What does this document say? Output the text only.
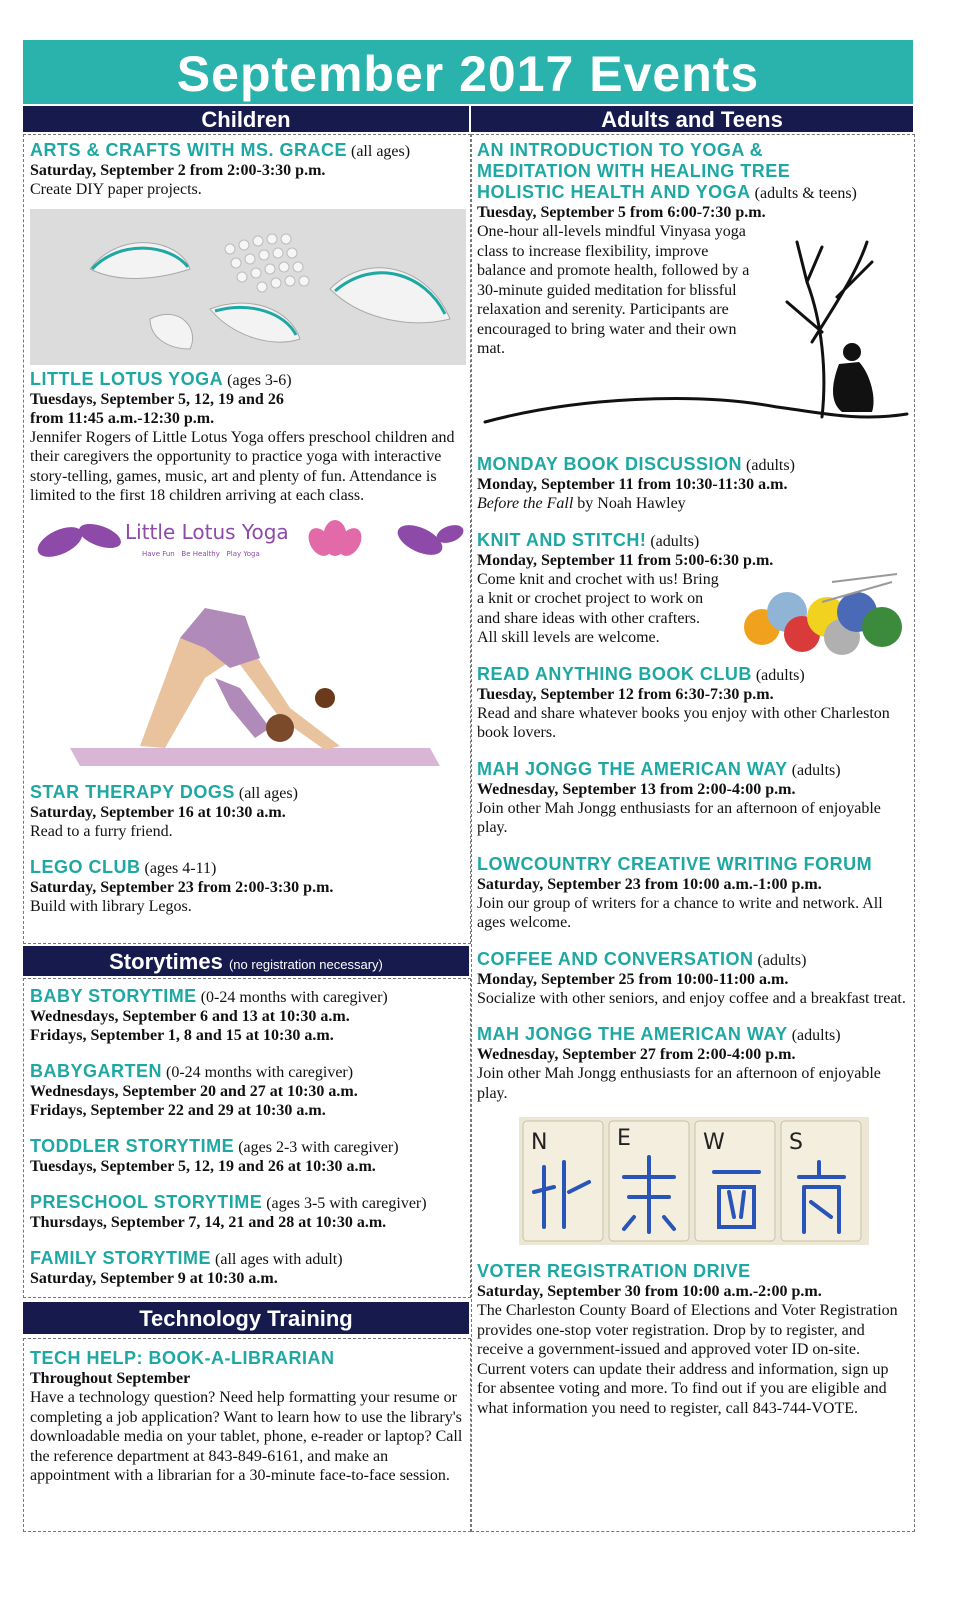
September 2017 Events
Children	Adults and Teens
Storytimes (no registration necessary)
Technology Training
ARTS & CRAFTS WITH MS. GRACE (all ages)
Saturday, September 2 from 2:00-3:30 p.m.
Create DIY paper projects.
LITTLE LOTUS YOGA (ages 3-6)
Tuesdays, September 5, 12, 19 and 26
from 11:45 a.m.-12:30 p.m.
Jennifer Rogers of Little Lotus Yoga offers preschool children and their caregivers the opportunity to practice yoga with interactive story-telling, games, music, art and plenty of fun. Attendance is limited to the first 18 children arriving at each class.
Little Lotus Yoga
Have Fun   Be Healthy   Play Yoga
STAR THERAPY DOGS (all ages)
Saturday, September 16 at 10:30 a.m.
Read to a furry friend.
LEGO CLUB (ages 4-11)
Saturday, September 23 from 2:00-3:30 p.m.
Build with library Legos.
BABY STORYTIME (0-24 months with caregiver)
Wednesdays, September 6 and 13 at 10:30 a.m.
Fridays, September 1, 8 and 15 at 10:30 a.m.
BABYGARTEN (0-24 months with caregiver)
Wednesdays, September 20 and 27 at 10:30 a.m.
Fridays, September 22 and 29 at 10:30 a.m.
TODDLER STORYTIME (ages 2-3 with caregiver)
Tuesdays, September 5, 12, 19 and 26 at 10:30 a.m.
PRESCHOOL STORYTIME (ages 3-5 with caregiver)
Thursdays, September 7, 14, 21 and 28 at 10:30 a.m.
FAMILY STORYTIME (all ages with adult)
Saturday, September 9 at 10:30 a.m.
TECH HELP: BOOK-A-LIBRARIAN
Throughout September
Have a technology question? Need help formatting your resume or completing a job application? Want to learn how to use the library's downloadable media on your tablet, phone, e-reader or laptop? Call the reference department at 843-849-6161, and make an appointment with a librarian for a 30-minute face-to-face session.
AN INTRODUCTION TO YOGA &
MEDITATION WITH HEALING TREE
HOLISTIC HEALTH AND YOGA (adults & teens)
Tuesday, September 5 from 6:00-7:30 p.m.
One-hour all-levels mindful Vinyasa yoga class to increase flexibility, improve balance and promote health, followed by a 30-minute guided meditation for blissful relaxation and serenity. Participants are encouraged to bring water and their own mat.
MONDAY BOOK DISCUSSION (adults)
Monday, September 11 from 10:30-11:30 a.m.
Before the Fall by Noah Hawley
KNIT AND STITCH! (adults)
Monday, September 11 from 5:00-6:30 p.m.
Come knit and crochet with us! Bring a knit or crochet project to work on and share ideas with other crafters. All skill levels are welcome.
READ ANYTHING BOOK CLUB (adults)
Tuesday, September 12 from 6:30-7:30 p.m.
Read and share whatever books you enjoy with other Charleston book lovers.
MAH JONGG THE AMERICAN WAY (adults)
Wednesday, September 13 from 2:00-4:00 p.m.
Join other Mah Jongg enthusiasts for an afternoon of enjoyable play.
LOWCOUNTRY CREATIVE WRITING FORUM
Saturday, September 23 from 10:00 a.m.-1:00 p.m.
Join our group of writers for a chance to write and network. All ages welcome.
COFFEE AND CONVERSATION (adults)
Monday, September 25 from 10:00-11:00 a.m.
Socialize with other seniors, and enjoy coffee and a breakfast treat.
MAH JONGG THE AMERICAN WAY (adults)
Wednesday, September 27 from 2:00-4:00 p.m.
Join other Mah Jongg enthusiasts for an afternoon of enjoyable play.
N	E	W	S
VOTER REGISTRATION DRIVE
Saturday, September 30 from 10:00 a.m.-2:00 p.m.
The Charleston County Board of Elections and Voter Registration provides one-stop voter registration. Drop by to register, and receive a government-issued and approved voter ID on-site. Current voters can update their address and information, sign up for absentee voting and more. To find out if you are eligible and what information you need to register, call 843-744-VOTE.
